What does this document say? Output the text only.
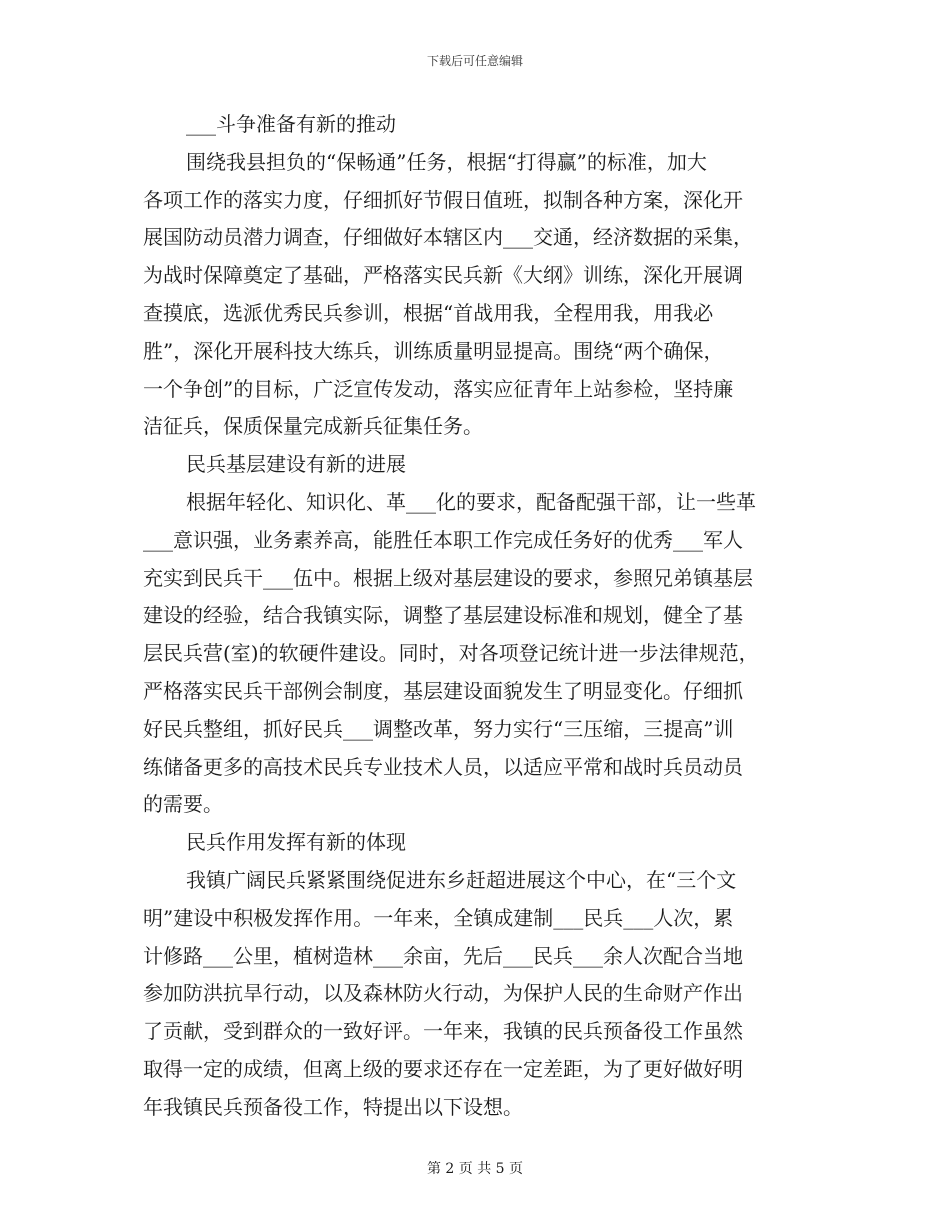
下载后可任意编辑
___斗争准备有新的推动
围绕我县担负的“保畅通”任务，根据“打得赢”的标准，加大
各项工作的落实力度，仔细抓好节假日值班，拟制各种方案，深化开
展国防动员潜力调查，仔细做好本辖区内___交通，经济数据的采集，
为战时保障奠定了基础，严格落实民兵新《大纲》训练，深化开展调
查摸底，选派优秀民兵参训，根据“首战用我，全程用我，用我必
胜”，深化开展科技大练兵，训练质量明显提高。围绕“两个确保，
一个争创”的目标，广泛宣传发动，落实应征青年上站参检，坚持廉
洁征兵，保质保量完成新兵征集任务。
民兵基层建设有新的进展
根据年轻化、知识化、革___化的要求，配备配强干部，让一些革
___意识强，业务素养高，能胜任本职工作完成任务好的优秀___军人
充实到民兵干___伍中。根据上级对基层建设的要求，参照兄弟镇基层
建设的经验，结合我镇实际，调整了基层建设标准和规划，健全了基
层民兵营(室)的软硬件建设。同时，对各项登记统计进一步法律规范，
严格落实民兵干部例会制度，基层建设面貌发生了明显变化。仔细抓
好民兵整组，抓好民兵___调整改革，努力实行“三压缩，三提高”训
练储备更多的高技术民兵专业技术人员，以适应平常和战时兵员动员
的需要。
民兵作用发挥有新的体现
我镇广阔民兵紧紧围绕促进东乡赶超进展这个中心，在“三个文
明”建设中积极发挥作用。一年来，全镇成建制___民兵___人次，累
计修路___公里，植树造林___余亩，先后___民兵___余人次配合当地
参加防洪抗旱行动，以及森林防火行动，为保护人民的生命财产作出
了贡献，受到群众的一致好评。一年来，我镇的民兵预备役工作虽然
取得一定的成绩，但离上级的要求还存在一定差距，为了更好做好明
年我镇民兵预备役工作，特提出以下设想。
第 2 页 共 5 页
